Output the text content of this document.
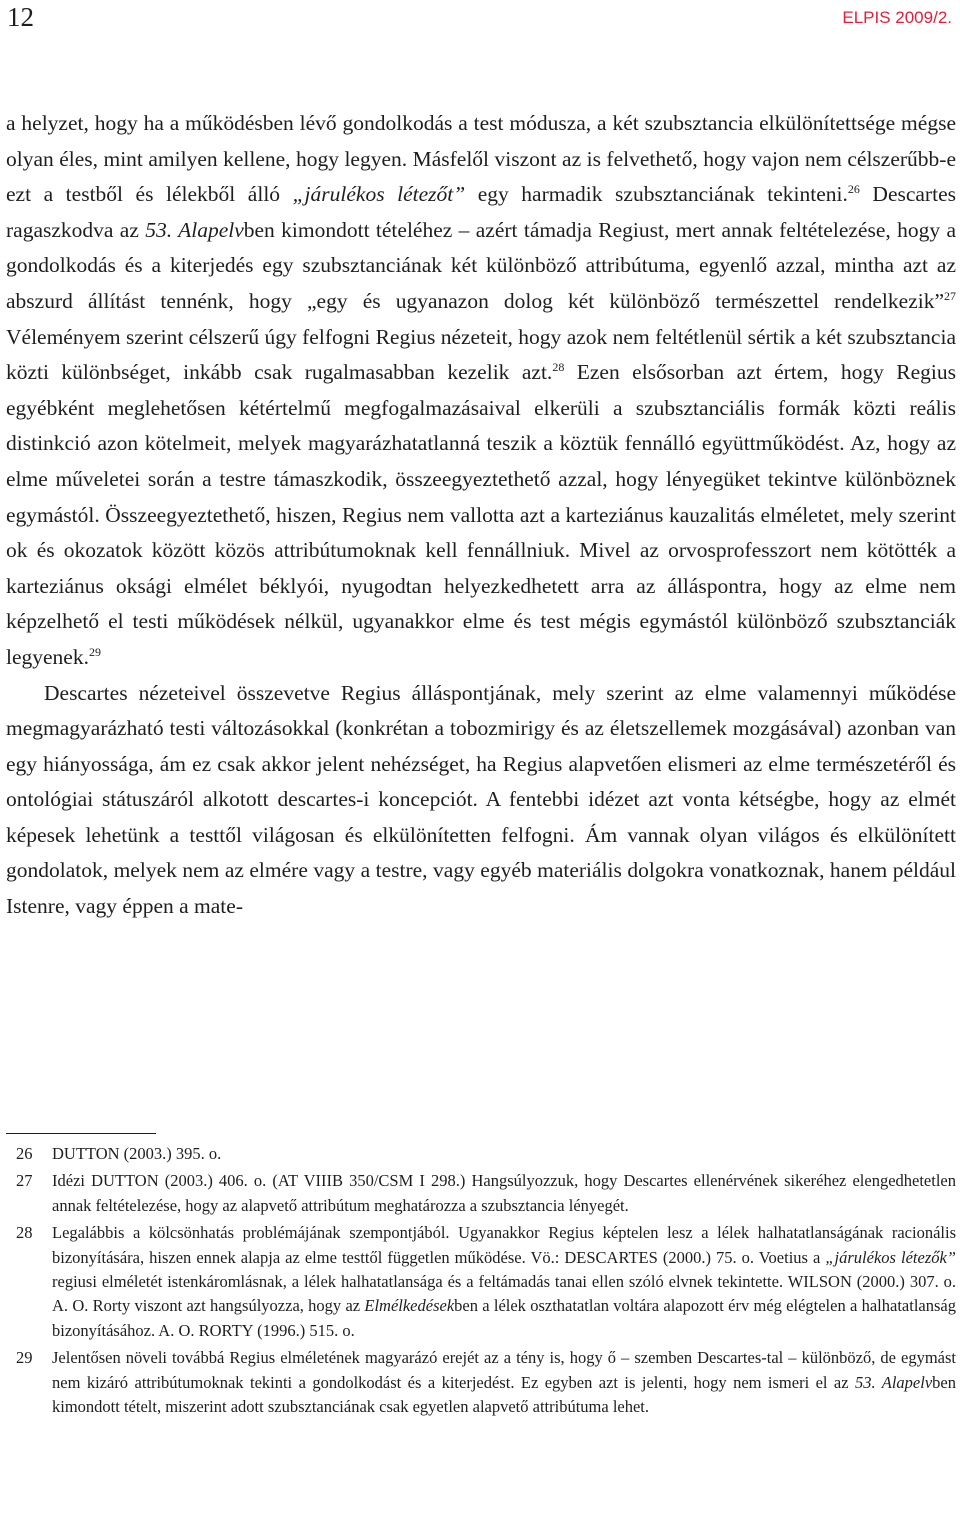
12	ELPIS 2009/2.

a helyzet, hogy ha a működésben lévő gondolkodás a test módusza, a két szubsztancia elkülönítettsége mégse olyan éles, mint amilyen kellene, hogy legyen. Másfelől viszont az is felvethető, hogy vajon nem célszerűbb-e ezt a testből és lélekből álló „járulékos létezőt” egy harmadik szubsztanciának tekinteni.$^{26}$ Descartes ragaszkodva az 53. Alapelvben kimondott tételéhez – azért támadja Regiust, mert annak feltételezése, hogy a gondolkodás és a kiterjedés egy szubsztanciának két különböző attribútuma, egyenlő azzal, mintha azt az abszurd állítást tennénk, hogy „egy és ugyanazon dolog két különböző természettel rendelkezik”$^{27}$ Véleményem szerint célszerű úgy felfogni Regius nézeteit, hogy azok nem feltétlenül sértik a két szubsztancia közti különbséget, inkább csak rugalmasabban kezelik azt.$^{28}$ Ezen elsősorban azt értem, hogy Regius egyébként meglehetősen kétértelmű megfogalmazásaival elkerüli a szubsztanciális formák közti reális distinkció azon kötelmeit, melyek magyarázhatatlanná teszik a köztük fennálló együttműködést. Az, hogy az elme műveletei során a testre támaszkodik, összeegyeztethető azzal, hogy lényegüket tekintve különböznek egymástól. Összeegyeztethető, hiszen, Regius nem vallotta azt a karteziánus kauzalitás elméletet, mely szerint ok és okozatok között közös attribútumoknak kell fennállniuk. Mivel az orvosprofesszort nem kötötték a karteziánus oksági elmélet béklyói, nyugodtan helyezkedhetett arra az álláspontra, hogy az elme nem képzelhető el testi működések nélkül, ugyanakkor elme és test mégis egymástól különböző szubsztanciák legyenek.$^{29}$

Descartes nézeteivel összevetve Regius álláspontjának, mely szerint az elme valamennyi működése megmagyarázható testi változásokkal (konkrétan a tobozmirigy és az életszellemek mozgásával) azonban van egy hiányossága, ám ez csak akkor jelent nehézséget, ha Regius alapvetően elismeri az elme természetéről és ontológiai státuszáról alkotott descartes-i koncepciót. A fentebbi idézet azt vonta kétségbe, hogy az elmét képesek lehetünk a testtől világosan és elkülönítetten felfogni. Ám vannak olyan világos és elkülönített gondolatok, melyek nem az elmére vagy a testre, vagy egyéb materiális dolgokra vonatkoznak, hanem például Istenre, vagy éppen a mate-

26	DUTTON (2003.) 395. o.
27	Idézi DUTTON (2003.) 406. o. (AT VIIIB 350/CSM I 298.) Hangsúlyozzuk, hogy Descartes ellenérvének sikeréhez elengedhetetlen annak feltételezése, hogy az alapvető attribútum meghatározza a szubsztancia lényegét.
28	Legalábbis a kölcsönhatás problémájának szempontjából. Ugyanakkor Regius képtelen lesz a lélek halhatatlanságának racionális bizonyítására, hiszen ennek alapja az elme testtől független működése. Vö.: DESCARTES (2000.) 75. o. Voetius a „járulékos létezők” regiusi elméletét istenkáromlásnak, a lélek halhatatlansága és a feltámadás tanai ellen szóló elvnek tekintette. WILSON (2000.) 307. o. A. O. Rorty viszont azt hangsúlyozza, hogy az Elmélkedésekben a lélek oszthatatlan voltára alapozott érv még elégtelen a halhatatlanság bizonyításához. A. O. RORTY (1996.) 515. o.
29	Jelentősen növeli továbbá Regius elméletének magyarázó erejét az a tény is, hogy ő – szemben Descartes-tal – különböző, de egymást nem kizáró attribútumoknak tekinti a gondolkodást és a kiterjedést. Ez egyben azt is jelenti, hogy nem ismeri el az 53. Alapelvben kimondott tételt, miszerint adott szubsztanciának csak egyetlen alapvető attribútuma lehet.
